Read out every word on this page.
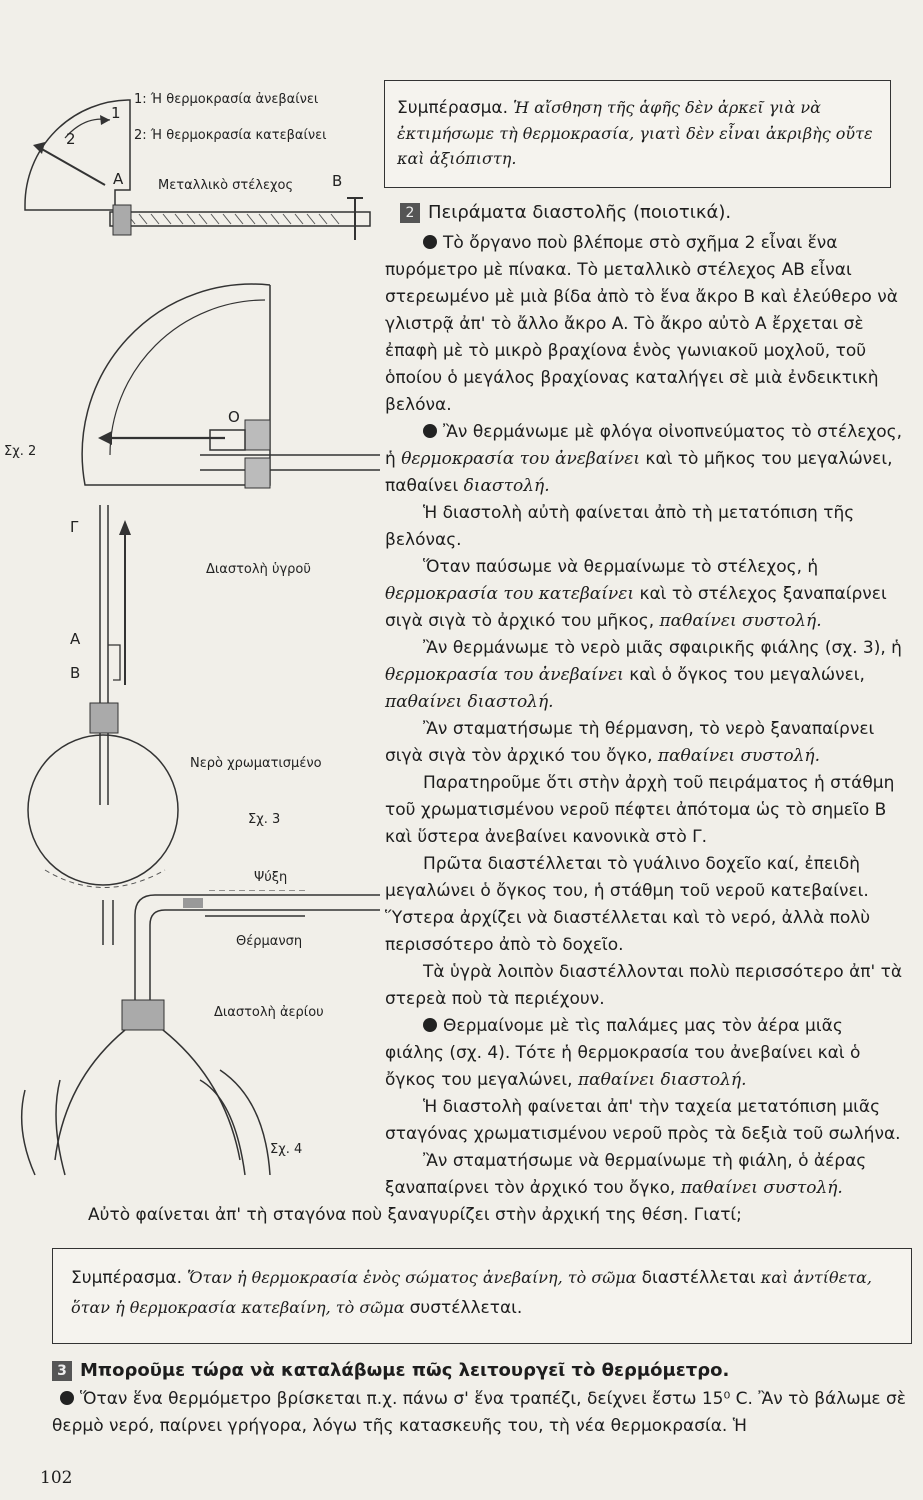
1: Ή θερμοκρασία ἀνεβαίνει
2: Ή θερμοκρασία κατεβαίνει
1
2
Μεταλλικὸ στέλεχος
A	B
O
Σχ. 2
Διαστολὴ ὑγροῦ
Γ
A
B
Νερὸ χρωματισμένο
Σχ. 3
Ψύξη
Θέρμανση
Διαστολὴ ἀερίου
Σχ. 4
Συμπέρασμα. Ἡ αἴσθηση τῆς ἁφῆς δὲν ἀρκεῖ γιὰ νὰ ἐκτιμήσωμε τὴ θερμοκρασία, γιατὶ δὲν εἶναι ἀκριβὴς οὔτε καὶ ἀξιόπιστη.
2 Πειράματα διαστολῆς (ποιοτικά).

Τὸ ὄργανο ποὺ βλέπομε στὸ σχῆμα 2 εἶναι ἕνα πυρόμετρο μὲ πίνακα. Τὸ μεταλλικὸ στέλεχος AB εἶναι στερεωμένο μὲ μιὰ βίδα ἀπὸ τὸ ἕνα ἄκρο B καὶ ἐλεύθερο νὰ γλιστρᾷ ἀπ' τὸ ἄλλο ἄκρο A. Τὸ ἄκρο αὐτὸ A ἔρχεται σὲ ἐπαφὴ μὲ τὸ μικρὸ βραχίονα ἑνὸς γωνιακοῦ μοχλοῦ, τοῦ ὁποίου ὁ μεγάλος βραχίονας καταλήγει σὲ μιὰ ἐνδεικτικὴ βελόνα.

Ἂν θερμάνωμε μὲ φλόγα οἰνοπνεύματος τὸ στέλεχος, ἡ θερμοκρασία του ἀνεβαίνει καὶ τὸ μῆκος του μεγαλώνει, παθαίνει διαστολή.

Ἡ διαστολὴ αὐτὴ φαίνεται ἀπὸ τὴ μετατόπιση τῆς βελόνας.

Ὅταν παύσωμε νὰ θερμαίνωμε τὸ στέλεχος, ἡ θερμοκρασία του κατεβαίνει καὶ τὸ στέλεχος ξαναπαίρνει σιγὰ σιγὰ τὸ ἀρχικό του μῆκος, παθαίνει συστολή.

Ἂν θερμάνωμε τὸ νερὸ μιᾶς σφαιρικῆς φιάλης (σχ. 3), ἡ θερμοκρασία του ἀνεβαίνει καὶ ὁ ὄγκος του μεγαλώνει, παθαίνει διαστολή.

Ἂν σταματήσωμε τὴ θέρμανση, τὸ νερὸ ξαναπαίρνει σιγὰ σιγὰ τὸν ἀρχικό του ὄγκο, παθαίνει συστολή.

Παρατηροῦμε ὅτι στὴν ἀρχὴ τοῦ πειράματος ἡ στάθμη τοῦ χρωματισμένου νεροῦ πέφτει ἀπότομα ὡς τὸ σημεῖο B καὶ ὕστερα ἀνεβαίνει κανονικὰ στὸ Γ.

Πρῶτα διαστέλλεται τὸ γυάλινο δοχεῖο καί, ἐπειδὴ μεγαλώνει ὁ ὄγκος του, ἡ στάθμη τοῦ νεροῦ κατεβαίνει. Ὕστερα ἀρχίζει νὰ διαστέλλεται καὶ τὸ νερό, ἀλλὰ πολὺ περισσότερο ἀπὸ τὸ δοχεῖο.

Τὰ ὑγρὰ λοιπὸν διαστέλλονται πολὺ περισσότερο ἀπ' τὰ στερεὰ ποὺ τὰ περιέχουν.

Θερμαίνομε μὲ τὶς παλάμες μας τὸν ἀέρα μιᾶς φιάλης (σχ. 4). Τότε ἡ θερμοκρασία του ἀνεβαίνει καὶ ὁ ὄγκος του μεγαλώνει, παθαίνει διαστολή.

Ἡ διαστολὴ φαίνεται ἀπ' τὴν ταχεία μετατόπιση μιᾶς σταγόνας χρωματισμένου νεροῦ πρὸς τὰ δεξιὰ τοῦ σωλήνα.

Ἂν σταματήσωμε νὰ θερμαίνωμε τὴ φιάλη, ὁ ἀέρας ξαναπαίρνει τὸν ἀρχικό του ὄγκο, παθαίνει συστολή.

Αὐτὸ φαίνεται ἀπ' τὴ σταγόνα ποὺ ξαναγυρίζει στὴν ἀρχική της θέση. Γιατί;
Συμπέρασμα. Ὅταν ἡ θερμοκρασία ἑνὸς σώματος ἀνεβαίνη, τὸ σῶμα διαστέλλεται καὶ ἀντίθετα, ὅταν ἡ θερμοκρασία κατεβαίνη, τὸ σῶμα συστέλλεται.
3 Μποροῦμε τώρα νὰ καταλάβωμε πῶς λειτουργεῖ τὸ θερμόμετρο.

Ὅταν ἕνα θερμόμετρο βρίσκεται π.χ. πάνω σ' ἕνα τραπέζι, δείχνει ἔστω 15⁰ C. Ἂν τὸ βάλωμε σὲ θερμὸ νερό, παίρνει γρήγορα, λόγω τῆς κατασκευῆς του, τὴ νέα θερμοκρασία. Ἡ

102
